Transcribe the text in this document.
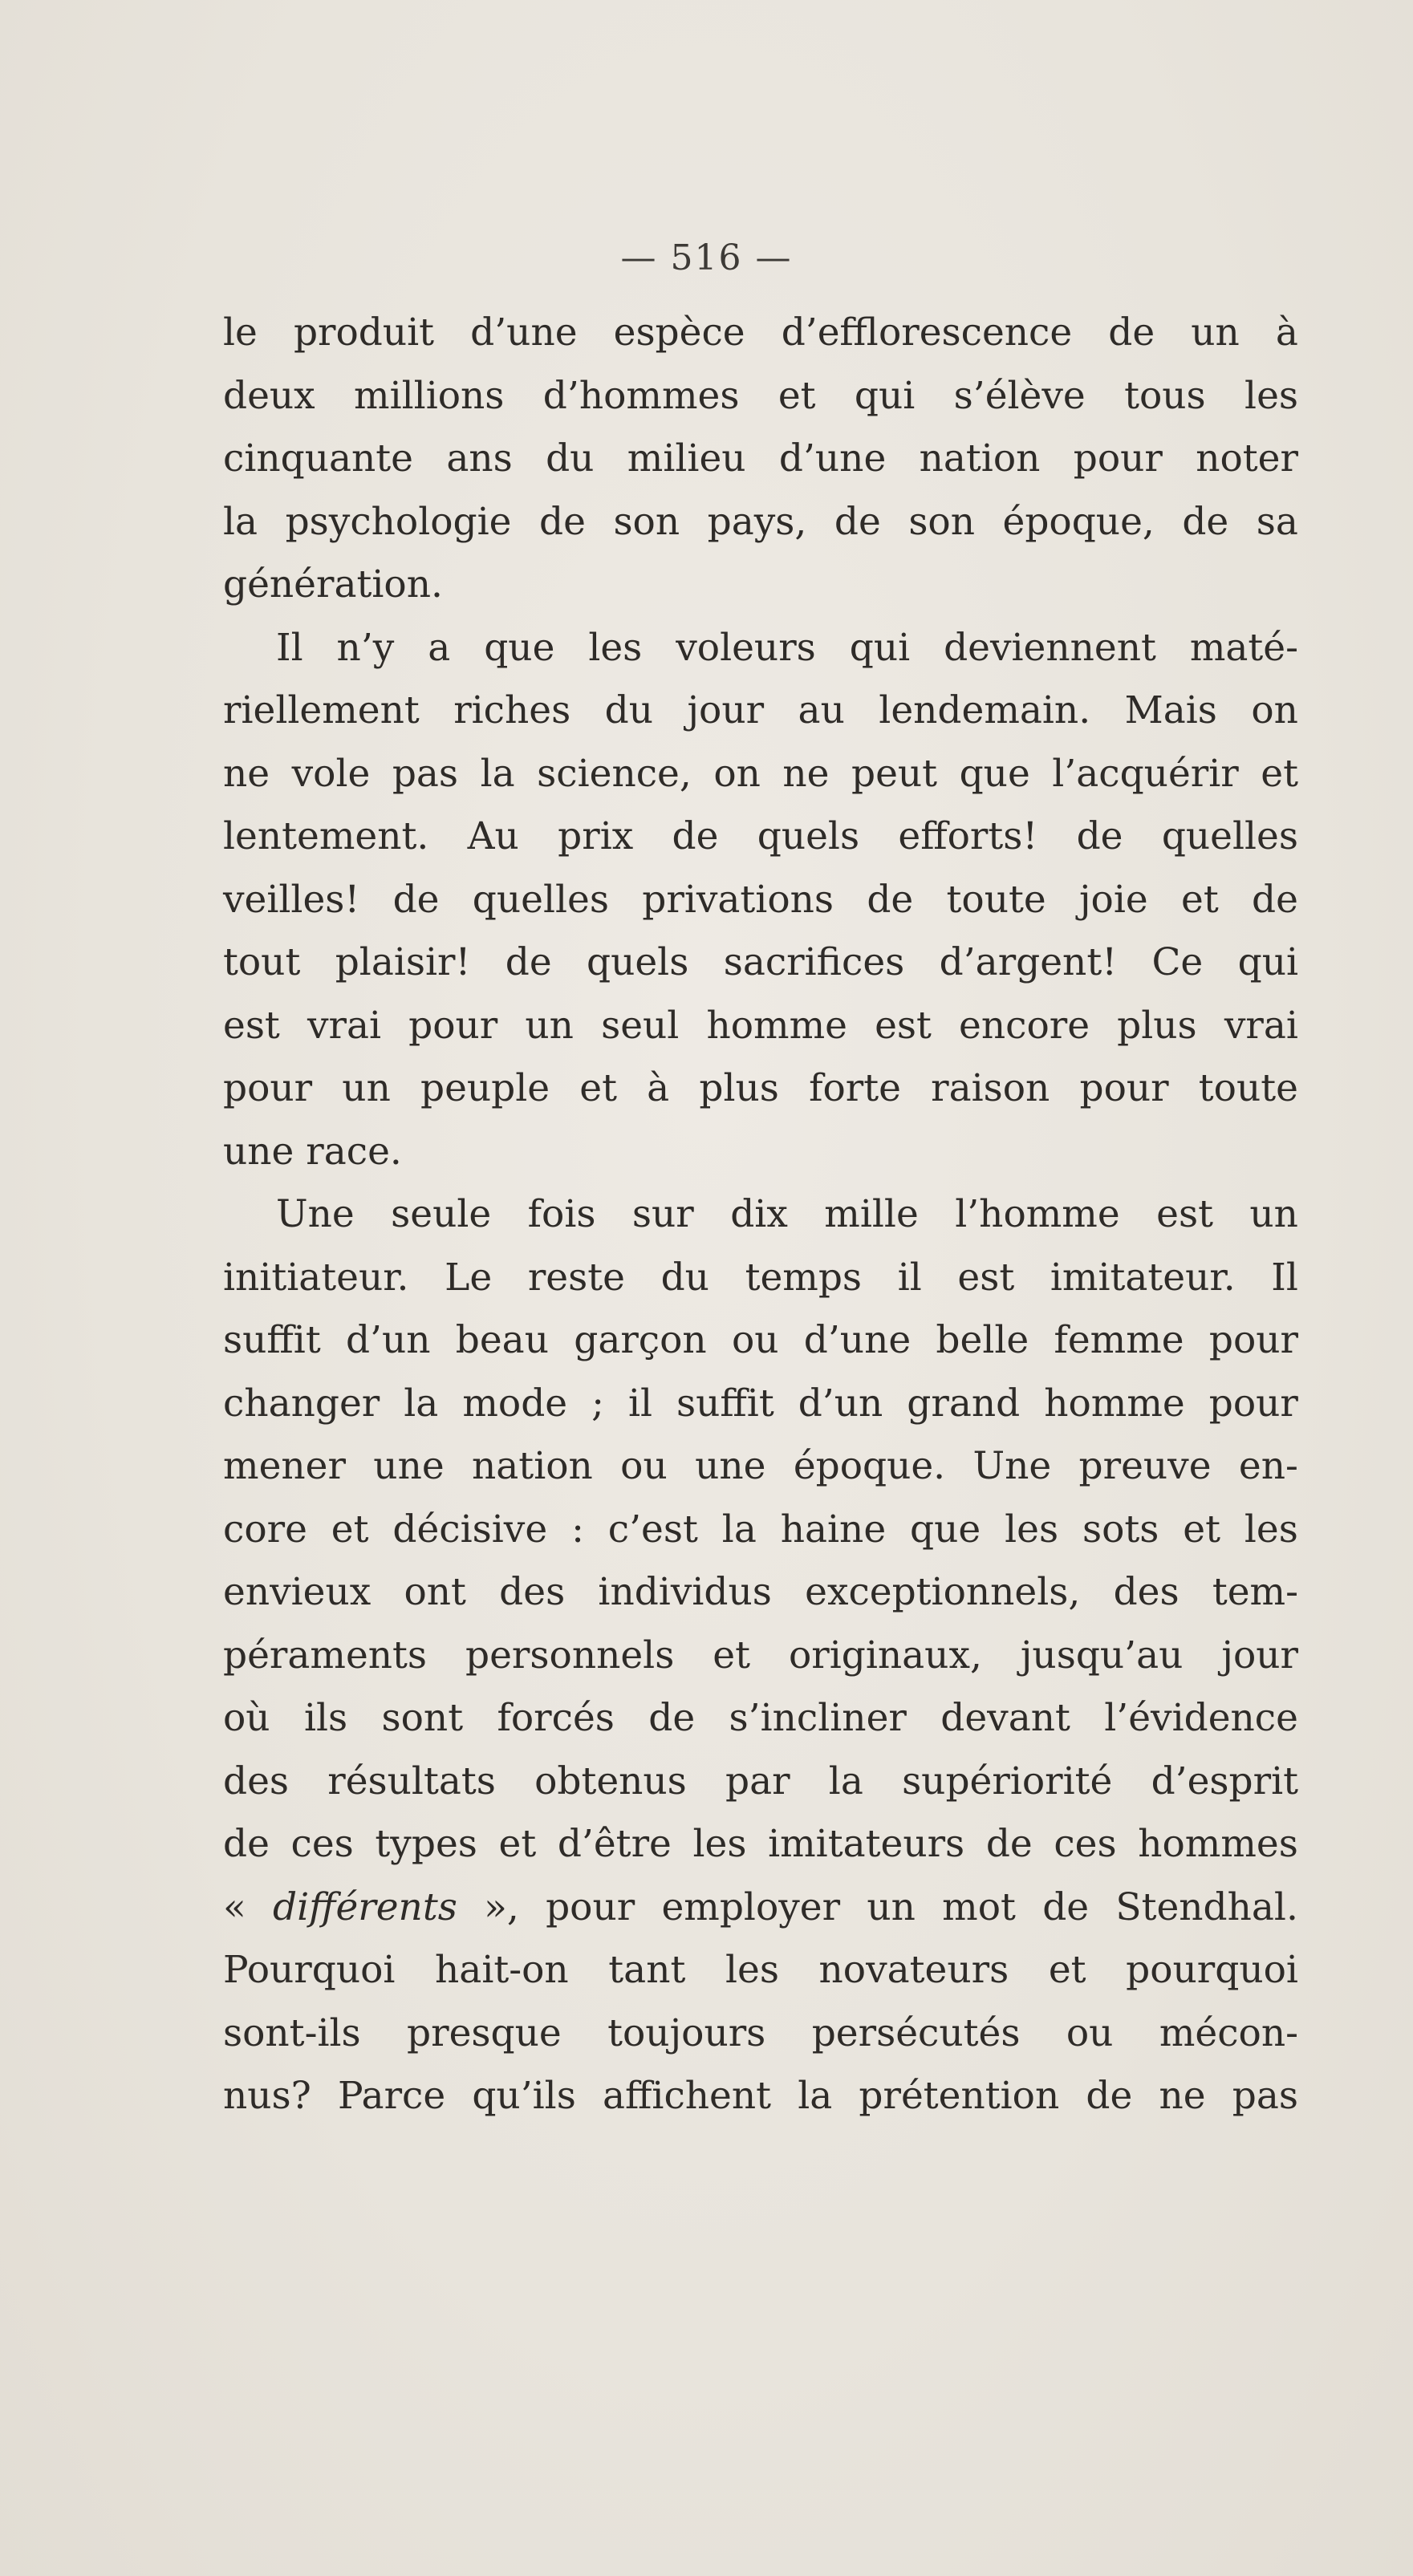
— 516 —
le produit d’une espèce d’efflorescence de un à
deux millions d’hommes et qui s’élève tous les
cinquante ans du milieu d’une nation pour noter
la psychologie de son pays, de son époque, de sa
génération.
Il n’y a que les voleurs qui deviennent maté-
riellement riches du jour au lendemain. Mais on
ne vole pas la science, on ne peut que l’acquérir et
lentement. Au prix de quels efforts! de quelles
veilles! de quelles privations de toute joie et de
tout plaisir! de quels sacrifices d’argent! Ce qui
est vrai pour un seul homme est encore plus vrai
pour un peuple et à plus forte raison pour toute
une race.
Une seule fois sur dix mille l’homme est un
initiateur. Le reste du temps il est imitateur. Il
suffit d’un beau garçon ou d’une belle femme pour
changer la mode ; il suffit d’un grand homme pour
mener une nation ou une époque. Une preuve en-
core et décisive : c’est la haine que les sots et les
envieux ont des individus exceptionnels, des tem-
péraments personnels et originaux, jusqu’au jour
où ils sont forcés de s’incliner devant l’évidence
des résultats obtenus par la supériorité d’esprit
de ces types et d’être les imitateurs de ces hommes
« différents », pour employer un mot de Stendhal.
Pourquoi hait-on tant les novateurs et pourquoi
sont-ils presque toujours persécutés ou mécon-
nus? Parce qu’ils affichent la prétention de ne pas
